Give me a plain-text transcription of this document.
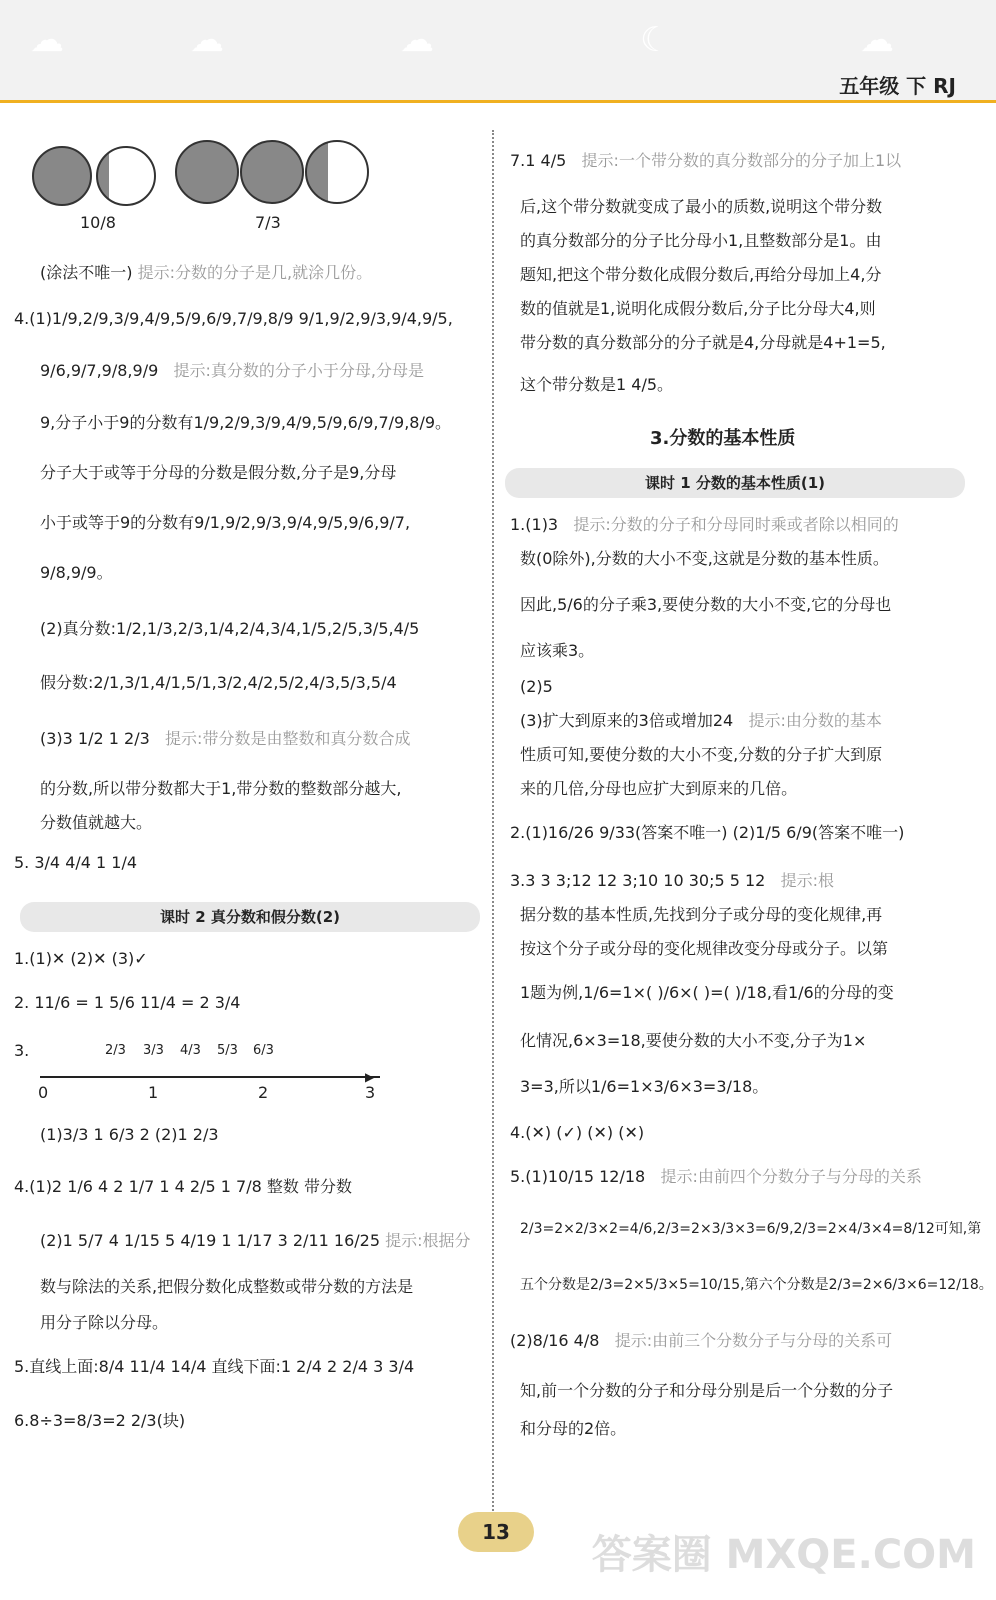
☁	☁	☁	☾	☁
五年级 下 RJ
10/8	7/3
(涂法不唯一) 提示:分数的分子是几,就涂几份。
4.(1)1/9,2/9,3/9,4/9,5/9,6/9,7/9,8/9 9/1,9/2,9/3,9/4,9/5,
9/6,9/7,9/8,9/9 提示:真分数的分子小于分母,分母是
9,分子小于9的分数有1/9,2/9,3/9,4/9,5/9,6/9,7/9,8/9。
分子大于或等于分母的分数是假分数,分子是9,分母
小于或等于9的分数有9/1,9/2,9/3,9/4,9/5,9/6,9/7,
9/8,9/9。
(2)真分数:1/2,1/3,2/3,1/4,2/4,3/4,1/5,2/5,3/5,4/5
假分数:2/1,3/1,4/1,5/1,3/2,4/2,5/2,4/3,5/3,5/4
(3)3 1/2 1 2/3 提示:带分数是由整数和真分数合成
的分数,所以带分数都大于1,带分数的整数部分越大,
分数值就越大。
5. 3/4 4/4 1 1/4
课时 2 真分数和假分数(2)
1.(1)✕ (2)✕ (3)✓
2. 11/6 = 1 5/6 11/4 = 2 3/4
3.
▶
2/3 3/3 4/3 5/3 6/3
0	1	2	3
(1)3/3 1 6/3 2 (2)1 2/3
4.(1)2 1/6 4 2 1/7 1 4 2/5 1 7/8 整数 带分数
(2)1 5/7 4 1/15 5 4/19 1 1/17 3 2/11 16/25 提示:根据分
数与除法的关系,把假分数化成整数或带分数的方法是
用分子除以分母。
5.直线上面:8/4 11/4 14/4 直线下面:1 2/4 2 2/4 3 3/4
6.8÷3=8/3=2 2/3(块)
7.1 4/5 提示:一个带分数的真分数部分的分子加上1以
后,这个带分数就变成了最小的质数,说明这个带分数
的真分数部分的分子比分母小1,且整数部分是1。由
题知,把这个带分数化成假分数后,再给分母加上4,分
数的值就是1,说明化成假分数后,分子比分母大4,则
带分数的真分数部分的分子就是4,分母就是4+1=5,
这个带分数是1 4/5。
3.分数的基本性质
课时 1 分数的基本性质(1)
1.(1)3 提示:分数的分子和分母同时乘或者除以相同的
数(0除外),分数的大小不变,这就是分数的基本性质。
因此,5/6的分子乘3,要使分数的大小不变,它的分母也
应该乘3。
(2)5
(3)扩大到原来的3倍或增加24 提示:由分数的基本
性质可知,要使分数的大小不变,分数的分子扩大到原
来的几倍,分母也应扩大到原来的几倍。
2.(1)16/26 9/33(答案不唯一) (2)1/5 6/9(答案不唯一)
3.3 3 3;12 12 3;10 10 30;5 5 12 提示:根
据分数的基本性质,先找到分子或分母的变化规律,再
按这个分子或分母的变化规律改变分母或分子。以第
1题为例,1/6=1×( )/6×( )=( )/18,看1/6的分母的变
化情况,6×3=18,要使分数的大小不变,分子为1×
3=3,所以1/6=1×3/6×3=3/18。
4.(✕) (✓) (✕) (✕)
5.(1)10/15 12/18 提示:由前四个分数分子与分母的关系
2/3=2×2/3×2=4/6,2/3=2×3/3×3=6/9,2/3=2×4/3×4=8/12可知,第
五个分数是2/3=2×5/3×5=10/15,第六个分数是2/3=2×6/3×6=12/18。
(2)8/16 4/8 提示:由前三个分数分子与分母的关系可
知,前一个分数的分子和分母分别是后一个分数的分子
和分母的2倍。
13	答案圈 MXQE.COM
